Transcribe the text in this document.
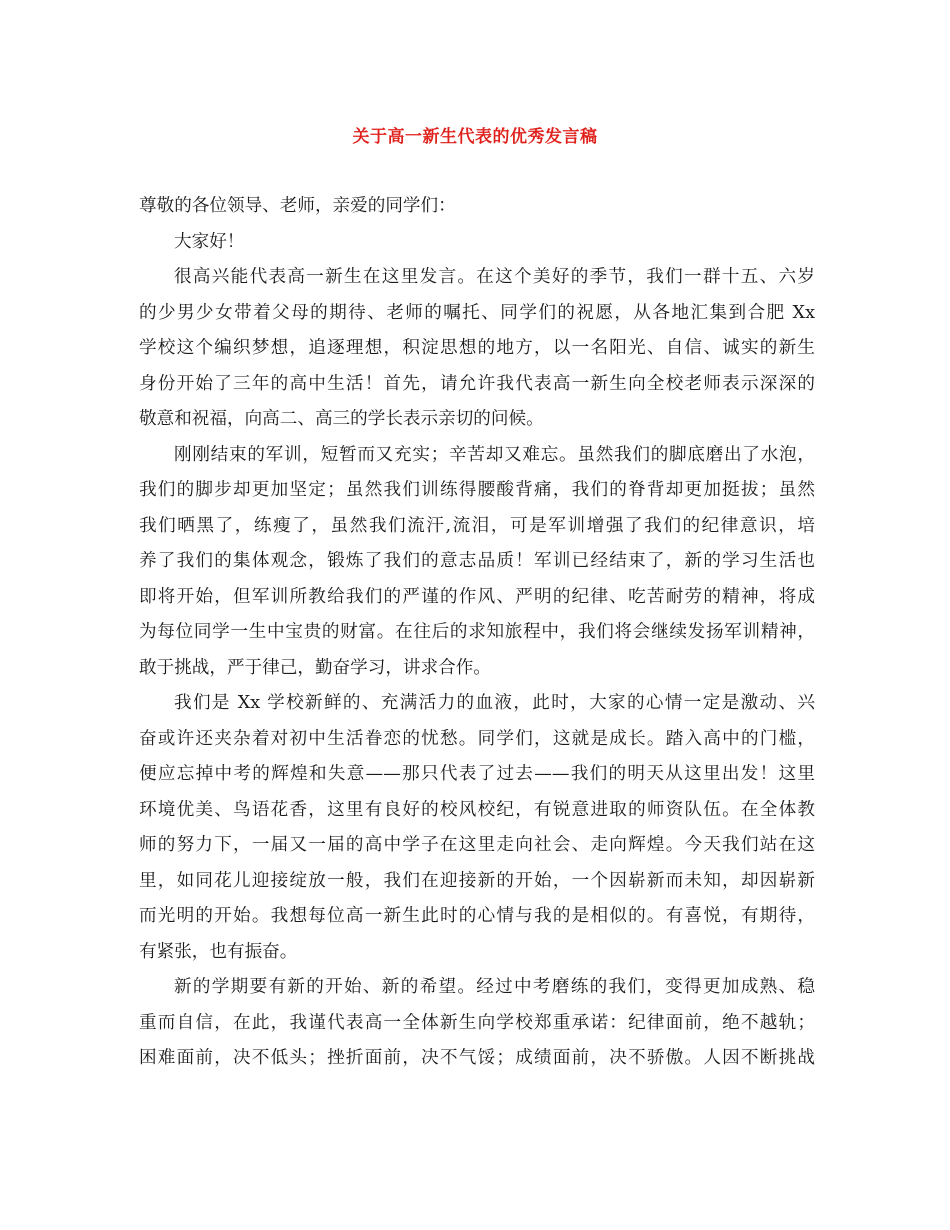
关于高一新生代表的优秀发言稿
尊敬的各位领导、老师，亲爱的同学们：
大家好！
很高兴能代表高一新生在这里发言。在这个美好的季节，我们一群十五、六岁
的少男少女带着父母的期待、老师的嘱托、同学们的祝愿，从各地汇集到合肥 Xx
学校这个编织梦想，追逐理想，积淀思想的地方，以一名阳光、自信、诚实的新生
身份开始了三年的高中生活！首先，请允许我代表高一新生向全校老师表示深深的
敬意和祝福，向高二、高三的学长表示亲切的问候。
刚刚结束的军训，短暂而又充实；辛苦却又难忘。虽然我们的脚底磨出了水泡，
我们的脚步却更加坚定；虽然我们训练得腰酸背痛，我们的脊背却更加挺拔；虽然
我们晒黑了，练瘦了，虽然我们流汗,流泪，可是军训增强了我们的纪律意识，培
养了我们的集体观念，锻炼了我们的意志品质！军训已经结束了，新的学习生活也
即将开始，但军训所教给我们的严谨的作风、严明的纪律、吃苦耐劳的精神，将成
为每位同学一生中宝贵的财富。在往后的求知旅程中，我们将会继续发扬军训精神，
敢于挑战，严于律己，勤奋学习，讲求合作。
我们是 Xx 学校新鲜的、充满活力的血液，此时，大家的心情一定是激动、兴
奋或许还夹杂着对初中生活眷恋的忧愁。同学们，这就是成长。踏入高中的门槛，
便应忘掉中考的辉煌和失意——那只代表了过去——我们的明天从这里出发！这里
环境优美、鸟语花香，这里有良好的校风校纪，有锐意进取的师资队伍。在全体教
师的努力下，一届又一届的高中学子在这里走向社会、走向辉煌。今天我们站在这
里，如同花儿迎接绽放一般，我们在迎接新的开始，一个因崭新而未知，却因崭新
而光明的开始。我想每位高一新生此时的心情与我的是相似的。有喜悦，有期待，
有紧张，也有振奋。
新的学期要有新的开始、新的希望。经过中考磨练的我们，变得更加成熟、稳
重而自信，在此，我谨代表高一全体新生向学校郑重承诺：纪律面前，绝不越轨；
困难面前，决不低头；挫折面前，决不气馁；成绩面前，决不骄傲。人因不断挑战
